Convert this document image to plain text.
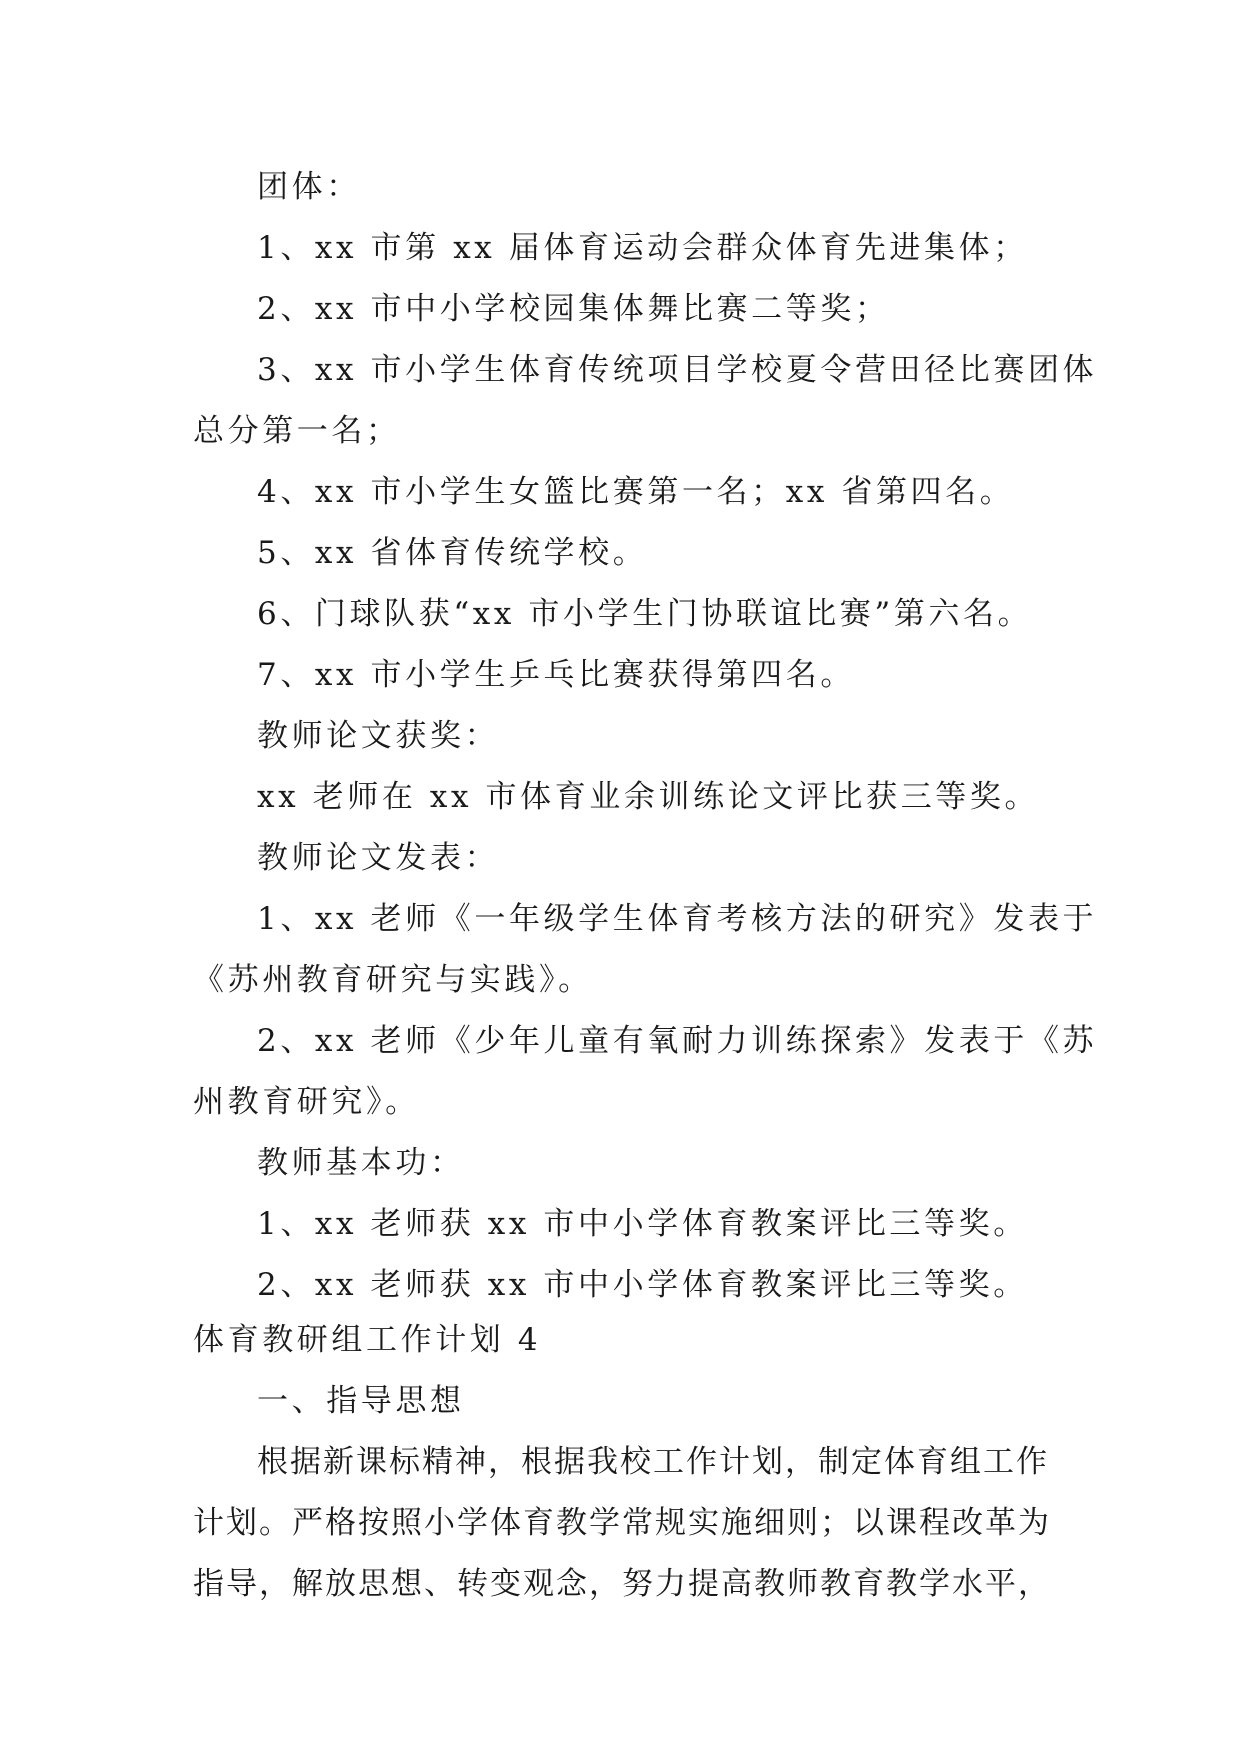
团体：

1、xx 市第 xx 届体育运动会群众体育先进集体；

2、xx 市中小学校园集体舞比赛二等奖；

3、xx 市小学生体育传统项目学校夏令营田径比赛团体

总分第一名；

4、xx 市小学生女篮比赛第一名；xx 省第四名。

5、xx 省体育传统学校。

6、门球队获“xx 市小学生门协联谊比赛”第六名。

7、xx 市小学生乒乓比赛获得第四名。

教师论文获奖：

xx 老师在 xx 市体育业余训练论文评比获三等奖。

教师论文发表：

1、xx 老师《一年级学生体育考核方法的研究》发表于

《苏州教育研究与实践》。

2、xx 老师《少年儿童有氧耐力训练探索》发表于《苏

州教育研究》。

教师基本功：

1、xx 老师获 xx 市中小学体育教案评比三等奖。

2、xx 老师获 xx 市中小学体育教案评比三等奖。

体育教研组工作计划 4

一、指导思想

根据新课标精神，根据我校工作计划，制定体育组工作

计划。严格按照小学体育教学常规实施细则；以课程改革为

指导，解放思想、转变观念，努力提高教师教育教学水平，
